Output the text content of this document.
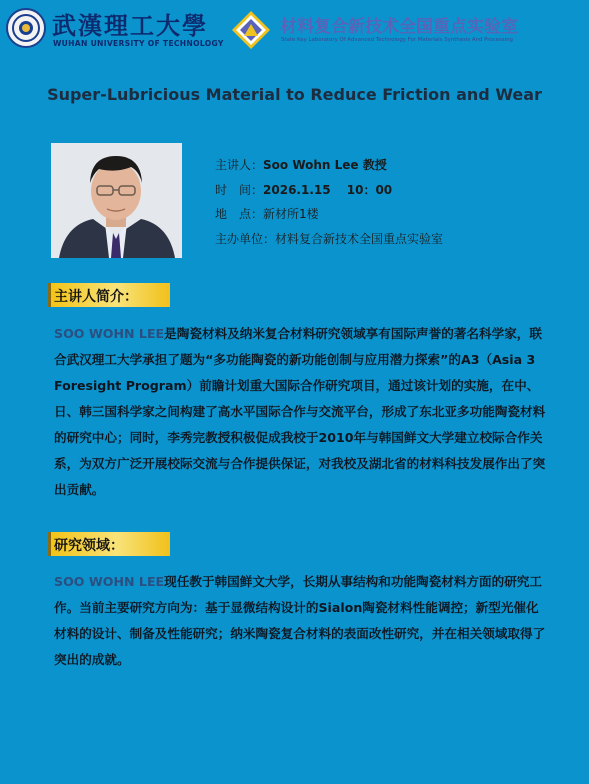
武漢理工大學
WUHAN UNIVERSITY OF TECHNOLOGY
材料复合新技术全国重点实验室
State Key Laboratory Of Advanced Technology For Materials Synthesis And Processing
Super-Lubricious Material to Reduce Friction and Wear
主讲人：Soo Wohn Lee 教授
时　间：2026.1.15　 10：00
地　点：新材所1楼
主办单位：材料复合新技术全国重点实验室
主讲人简介：
SOO WOHN LEE是陶瓷材料及纳米复合材料研究领域享有国际声誉的著名科学家，联合武汉理工大学承担了题为“多功能陶瓷的新功能创制与应用潜力探索”的A3（Asia 3 Foresight Program）前瞻计划重大国际合作研究项目，通过该计划的实施，在中、日、韩三国科学家之间构建了高水平国际合作与交流平台，形成了东北亚多功能陶瓷材料的研究中心；同时，李秀完教授积极促成我校于2010年与韩国鲜文大学建立校际合作关系，为双方广泛开展校际交流与合作提供保证，对我校及湖北省的材料科技发展作出了突出贡献。
研究领域：
SOO WOHN LEE现任教于韩国鲜文大学，长期从事结构和功能陶瓷材料方面的研究工作。当前主要研究方向为：基于显微结构设计的Sialon陶瓷材料性能调控；新型光催化材料的设计、制备及性能研究；纳米陶瓷复合材料的表面改性研究，并在相关领域取得了突出的成就。
